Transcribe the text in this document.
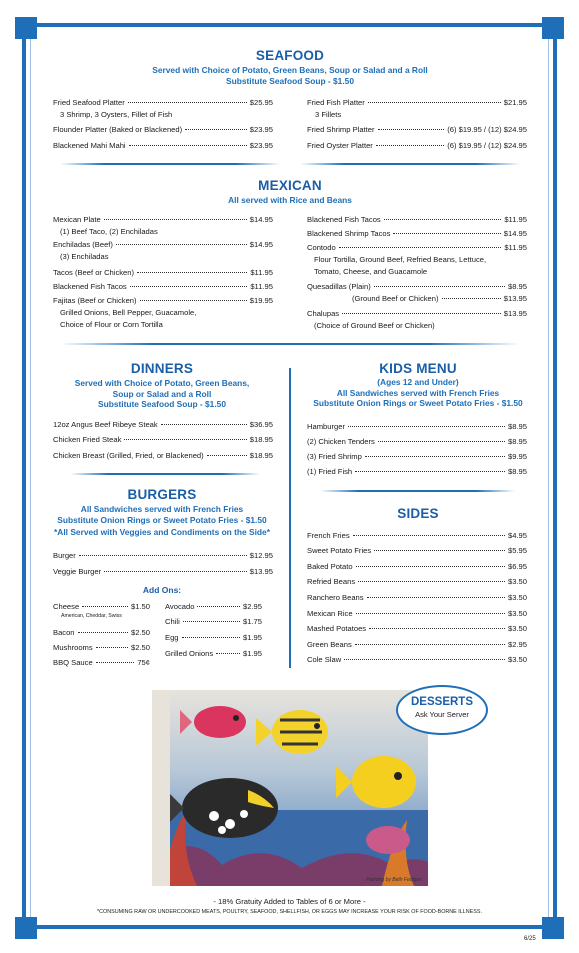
SEAFOOD
Served with Choice of Potato, Green Beans, Soup or Salad and a Roll
Substitute Seafood Soup - $1.50
Fried Seafood Platter	$25.95
3 Shrimp, 3 Oysters, Fillet of Fish
Flounder Platter (Baked or Blackened)	$23.95
Blackened Mahi Mahi	$23.95
Fried Fish Platter	$21.95
3 Fillets
Fried Shrimp Platter	(6) $19.95 / (12) $24.95
Fried Oyster Platter	(6) $19.95 / (12) $24.95
MEXICAN
All served with Rice and Beans
Mexican Plate	$14.95
(1) Beef Taco, (2) Enchiladas
Enchiladas (Beef)	$14.95
(3) Enchiladas
Tacos (Beef or Chicken)	$11.95
Blackened Fish Tacos	$11.95
Fajitas (Beef or Chicken)	$19.95
Grilled Onions, Bell Pepper, Guacamole,
Choice of Flour or Corn Tortilla
Blackened Fish Tacos	$11.95
Blackened Shrimp Tacos	$14.95
Contodo	$11.95
Flour Tortilla, Ground Beef, Refried Beans, Lettuce,
Tomato, Cheese, and Guacamole
Quesadillas (Plain)	$8.95
(Ground Beef or Chicken)	$13.95
Chalupas	$13.95
(Choice of Ground Beef or Chicken)
DINNERS
Served with Choice of Potato, Green Beans,
Soup or Salad and a Roll
Substitute Seafood Soup - $1.50
12oz Angus Beef Ribeye Steak	$36.95
Chicken Fried Steak	$18.95
Chicken Breast (Grilled, Fried, or Blackened)	$18.95
BURGERS
All Sandwiches served with French Fries
Substitute Onion Rings or Sweet Potato Fries - $1.50
*All Served with Veggies and Condiments on the Side*
Burger	$12.95
Veggie Burger	$13.95
Add Ons:
Cheese	$1.50
American, Cheddar, Swiss
Bacon	$2.50
Mushrooms	$2.50
BBQ Sauce	75¢
Avocado	$2.95
Chili	$1.75
Egg	$1.95
Grilled Onions	$1.95
KIDS MENU
(Ages 12 and Under)
All Sandwiches served with French Fries
Substitute Onion Rings or Sweet Potato Fries - $1.50
Hamburger	$8.95
(2) Chicken Tenders	$8.95
(3) Fried Shrimp	$9.95
(1) Fried Fish	$8.95
SIDES
French Fries	$4.95
Sweet Potato Fries	$5.95
Baked Potato	$6.95
Refried Beans	$3.50
Ranchero Beans	$3.50
Mexican Rice	$3.50
Mashed Potatoes	$3.50
Green Beans	$2.95
Cole Slaw	$3.50
Painting by Beth Fedigan
DESSERTS
Ask Your Server
- 18% Gratuity Added to Tables of 6 or More -
*CONSUMING RAW OR UNDERCOOKED MEATS, POULTRY, SEAFOOD, SHELLFISH, OR EGGS MAY INCREASE YOUR RISK OF FOOD-BORNE ILLNESS.
6/25
